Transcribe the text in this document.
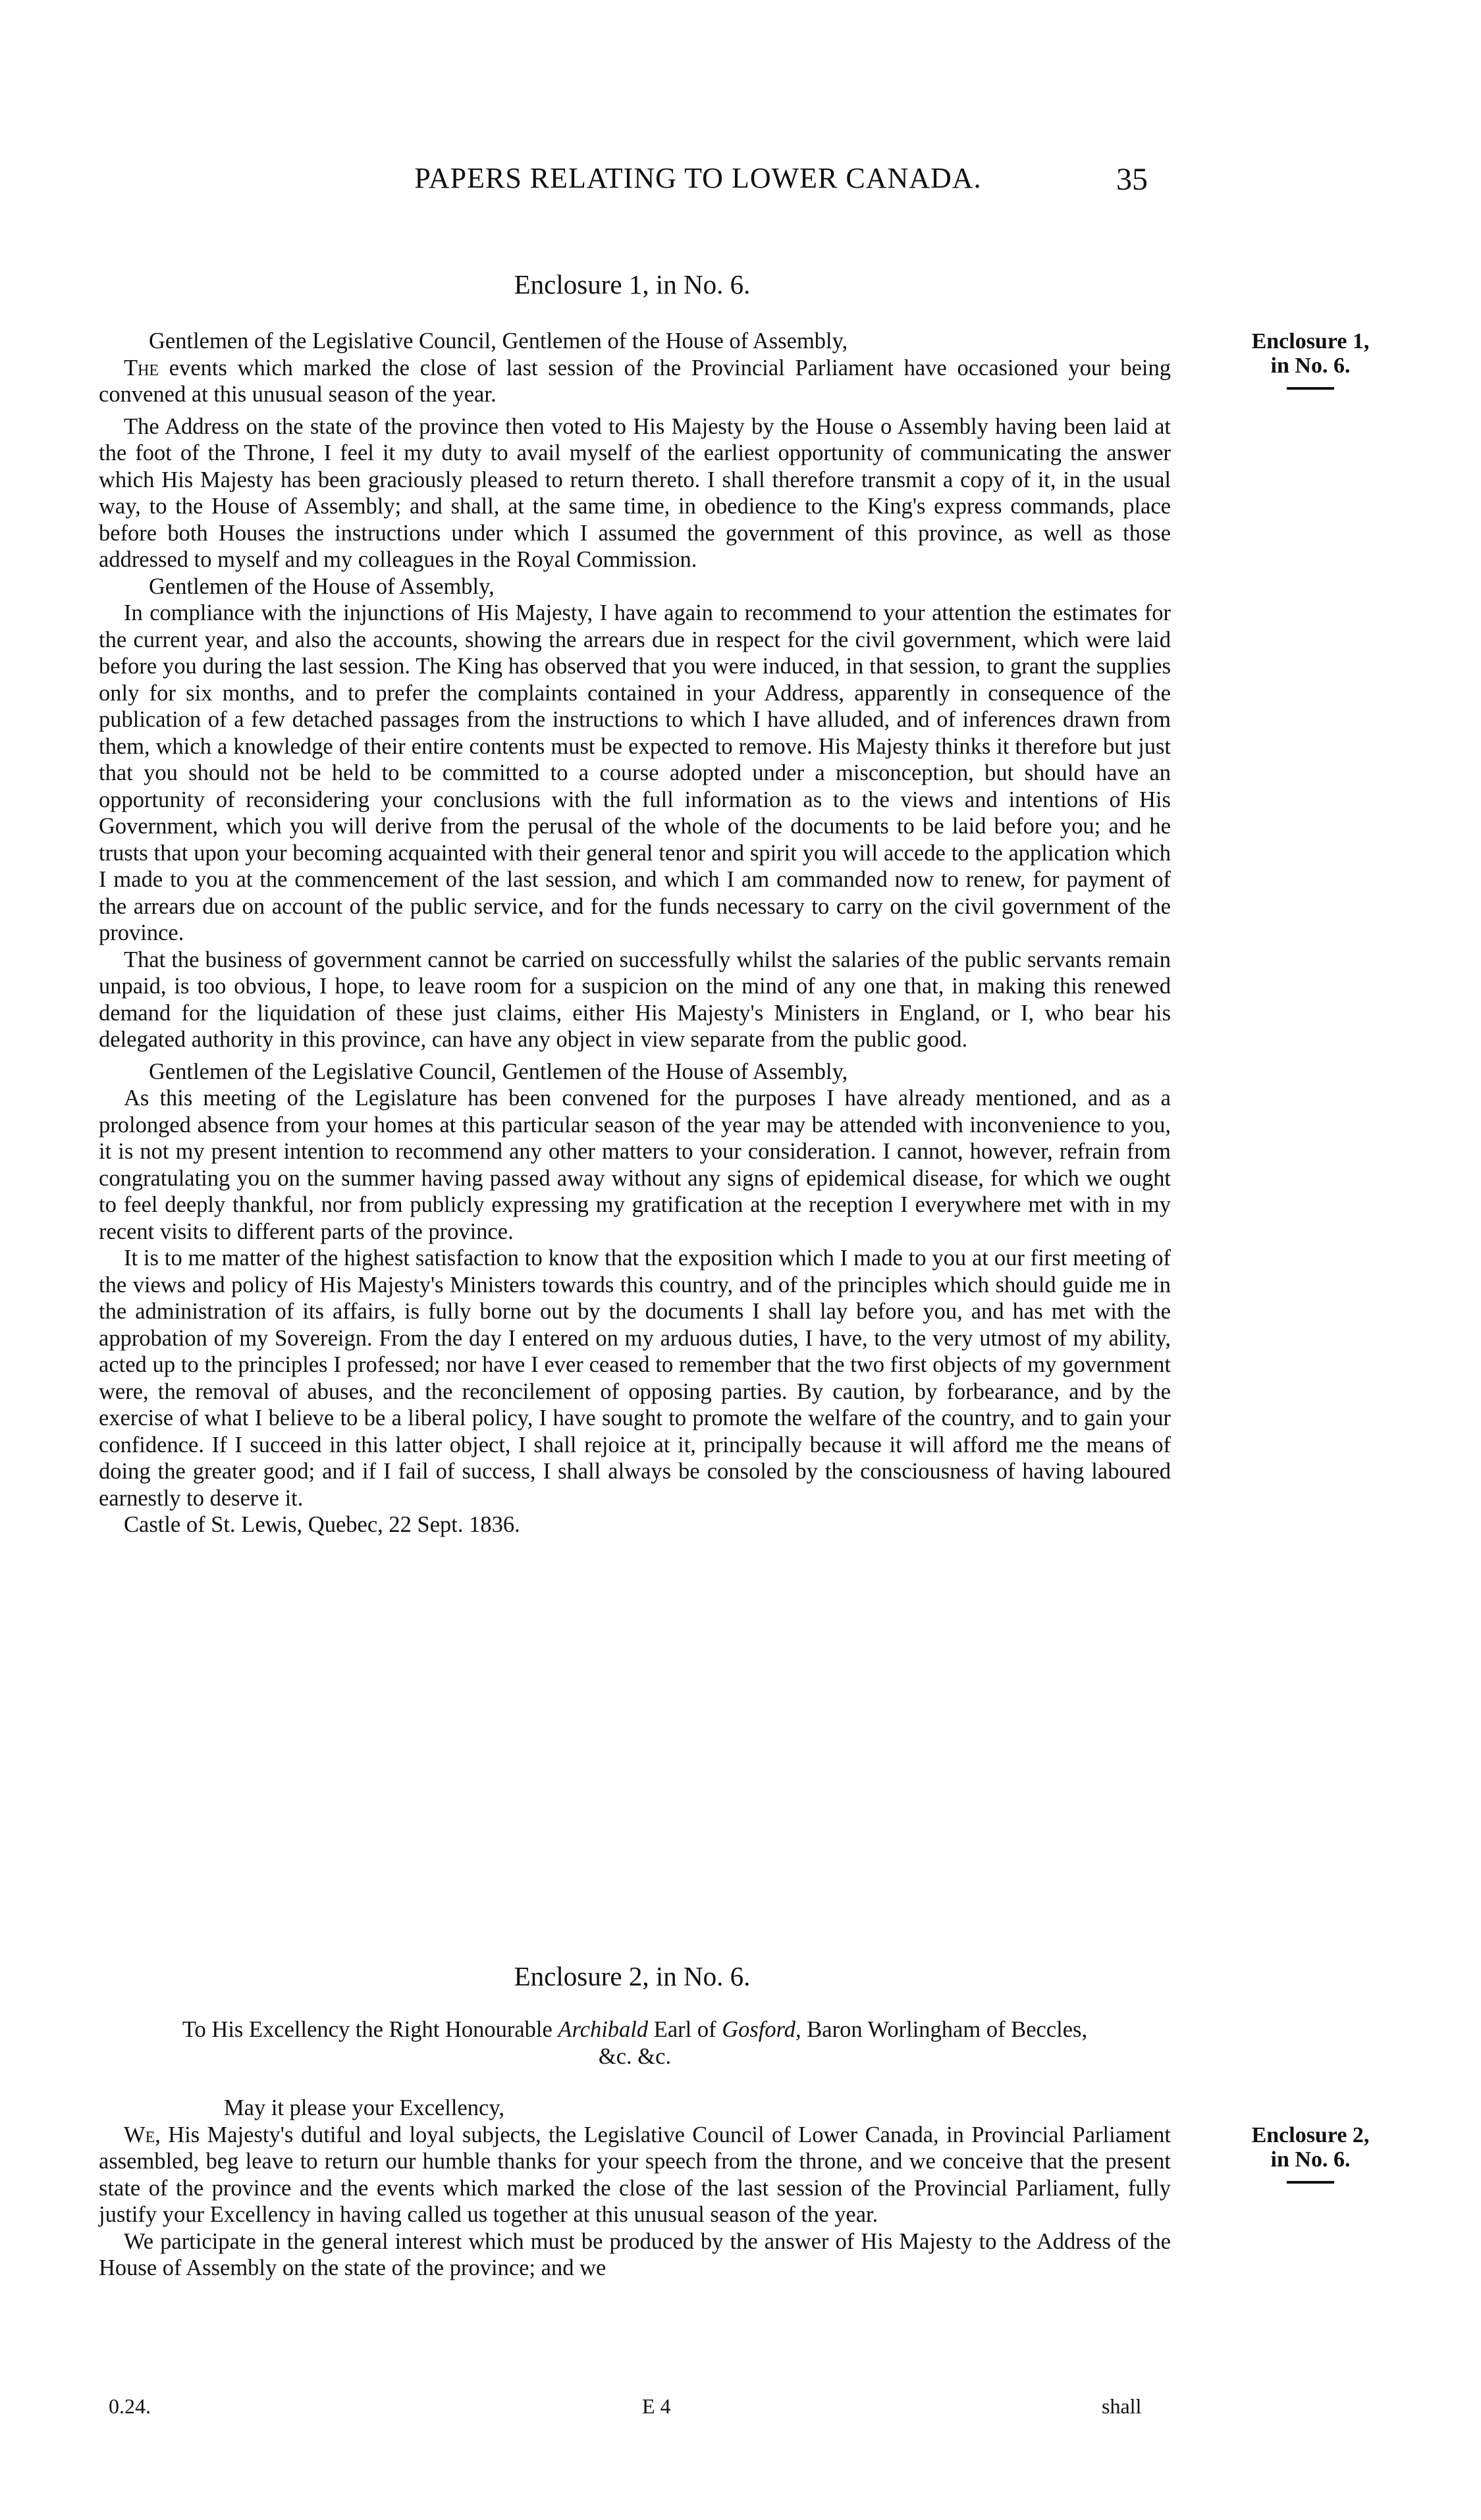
PAPERS RELATING TO LOWER CANADA.	35
Enclosure 1, in No. 6.
Enclosure 1,
in No. 6.

Gentlemen of the Legislative Council, Gentlemen of the House of Assembly,

The events which marked the close of last session of the Provincial Parliament have occasioned your being convened at this unusual season of the year.

The Address on the state of the province then voted to His Majesty by the House o Assembly having been laid at the foot of the Throne, I feel it my duty to avail myself of the earliest opportunity of communicating the answer which His Majesty has been graciously pleased to return thereto. I shall therefore transmit a copy of it, in the usual way, to the House of Assembly; and shall, at the same time, in obedience to the King's express commands, place before both Houses the instructions under which I assumed the government of this province, as well as those addressed to myself and my colleagues in the Royal Commission.

Gentlemen of the House of Assembly,

In compliance with the injunctions of His Majesty, I have again to recommend to your attention the estimates for the current year, and also the accounts, showing the arrears due in respect for the civil government, which were laid before you during the last session. The King has observed that you were induced, in that session, to grant the supplies only for six months, and to prefer the complaints contained in your Address, apparently in consequence of the publication of a few detached passages from the instructions to which I have alluded, and of inferences drawn from them, which a knowledge of their entire contents must be expected to remove. His Majesty thinks it therefore but just that you should not be held to be committed to a course adopted under a misconception, but should have an opportunity of reconsidering your conclusions with the full information as to the views and intentions of His Government, which you will derive from the perusal of the whole of the documents to be laid before you; and he trusts that upon your becoming acquainted with their general tenor and spirit you will accede to the application which I made to you at the commencement of the last session, and which I am commanded now to renew, for payment of the arrears due on account of the public service, and for the funds necessary to carry on the civil government of the province.

That the business of government cannot be carried on successfully whilst the salaries of the public servants remain unpaid, is too obvious, I hope, to leave room for a suspicion on the mind of any one that, in making this renewed demand for the liquidation of these just claims, either His Majesty's Ministers in England, or I, who bear his delegated authority in this province, can have any object in view separate from the public good.

Gentlemen of the Legislative Council, Gentlemen of the House of Assembly,

As this meeting of the Legislature has been convened for the purposes I have already mentioned, and as a prolonged absence from your homes at this particular season of the year may be attended with inconvenience to you, it is not my present intention to recommend any other matters to your consideration. I cannot, however, refrain from congratulating you on the summer having passed away without any signs of epidemical disease, for which we ought to feel deeply thankful, nor from publicly expressing my gratification at the reception I everywhere met with in my recent visits to different parts of the province.

It is to me matter of the highest satisfaction to know that the exposition which I made to you at our first meeting of the views and policy of His Majesty's Ministers towards this country, and of the principles which should guide me in the administration of its affairs, is fully borne out by the documents I shall lay before you, and has met with the approbation of my Sovereign. From the day I entered on my arduous duties, I have, to the very utmost of my ability, acted up to the principles I professed; nor have I ever ceased to remember that the two first objects of my government were, the removal of abuses, and the reconcilement of opposing parties. By caution, by forbearance, and by the exercise of what I believe to be a liberal policy, I have sought to promote the welfare of the country, and to gain your confidence. If I succeed in this latter object, I shall rejoice at it, principally because it will afford me the means of doing the greater good; and if I fail of success, I shall always be consoled by the consciousness of having laboured earnestly to deserve it.

Castle of St. Lewis, Quebec, 22 Sept. 1836.

Enclosure 2, in No. 6.
Enclosure 2,
in No. 6.

To His Excellency the Right Honourable Archibald Earl of Gosford, Baron Worlingham of Beccles, &c. &c.

May it please your Excellency,

We, His Majesty's dutiful and loyal subjects, the Legislative Council of Lower Canada, in Provincial Parliament assembled, beg leave to return our humble thanks for your speech from the throne, and we conceive that the present state of the province and the events which marked the close of the last session of the Provincial Parliament, fully justify your Excellency in having called us together at this unusual season of the year.

We participate in the general interest which must be produced by the answer of His Majesty to the Address of the House of Assembly on the state of the province; and we

0.24.	E 4	shall
